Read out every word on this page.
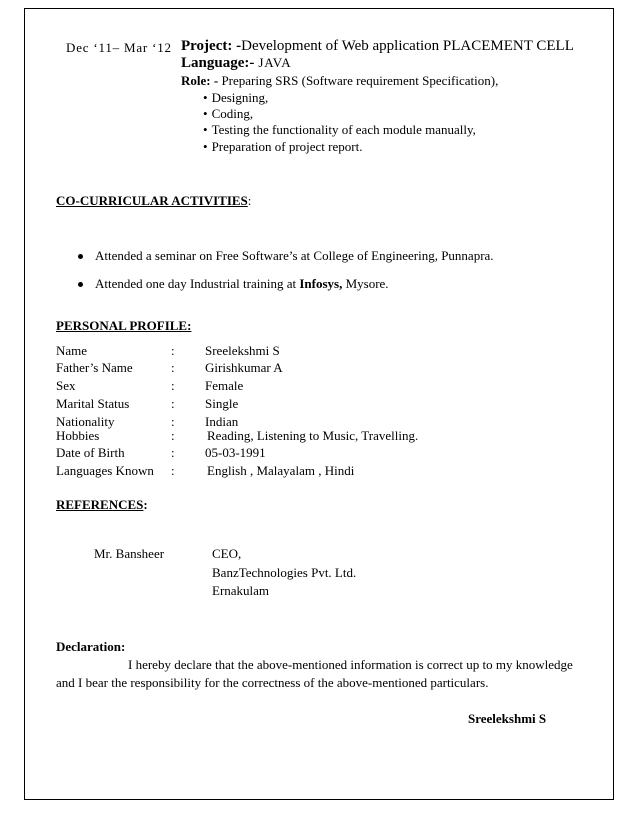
Dec ‘11– Mar ‘12 Project: -Development of Web application PLACEMENT CELL
Language:- JAVA
Role: - Preparing SRS (Software requirement Specification),
• Designing,
• Coding,
• Testing the functionality of each module manually,
• Preparation of project report.
CO-CURRICULAR ACTIVITIES:
Attended a seminar on Free Software’s at College of Engineering, Punnapra.
Attended one day Industrial training at Infosys, Mysore.
PERSONAL PROFILE:
Name	: Sreelekshmi S
Father’s Name	: Girishkumar A
Sex	: Female
Marital Status	: Single
Nationality	: Indian
Hobbies	: Reading, Listening to Music, Travelling.
Date of Birth	: 05-03-1991
Languages Known : English , Malayalam , Hindi
REFERENCES:
Mr. Bansheer	CEO,
BanzTechnologies Pvt. Ltd.
Ernakulam
Declaration:
I hereby declare that the above-mentioned information is correct up to my knowledge
and I bear the responsibility for the correctness of the above-mentioned particulars.
Sreelekshmi S
